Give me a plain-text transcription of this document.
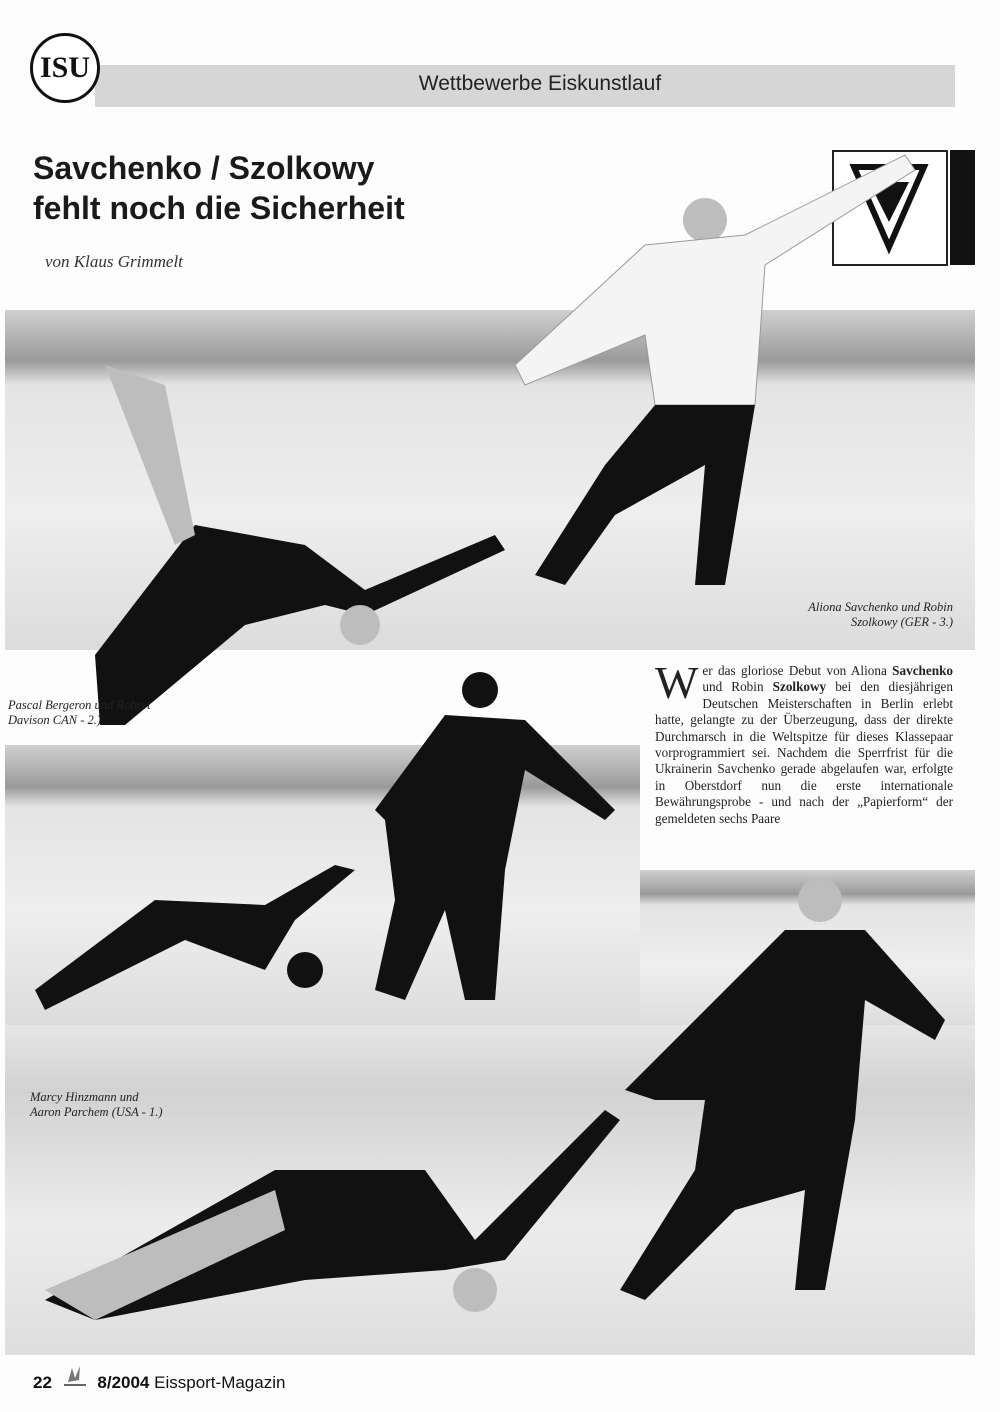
ISU	Wettbewerbe Eiskunstlauf
Savchenko / Szolkowy
fehlt noch die Sicherheit
von Klaus Grimmelt
Aliona Savchenko und Robin
Szolkowy (GER - 3.)
Pascal Bergeron und Robert
Davison CAN - 2.)
Wer das gloriose Debut von Aliona Savchenko und Robin Szolkowy bei den diesjährigen Deutschen Meisterschaften in Berlin erlebt hatte, gelangte zu der Überzeugung, dass der direkte Durchmarsch in die Weltspitze für dieses Klassepaar vorprogrammiert sei. Nachdem die Sperrfrist für die Ukrainerin Savchenko gerade abgelaufen war, erfolgte in Oberstdorf nun die erste internationale Bewährungsprobe - und nach der „Papierform“ der gemeldeten sechs Paare
Marcy Hinzmann und
Aaron Parchem (USA - 1.)
22	8/2004 Eissport-Magazin
